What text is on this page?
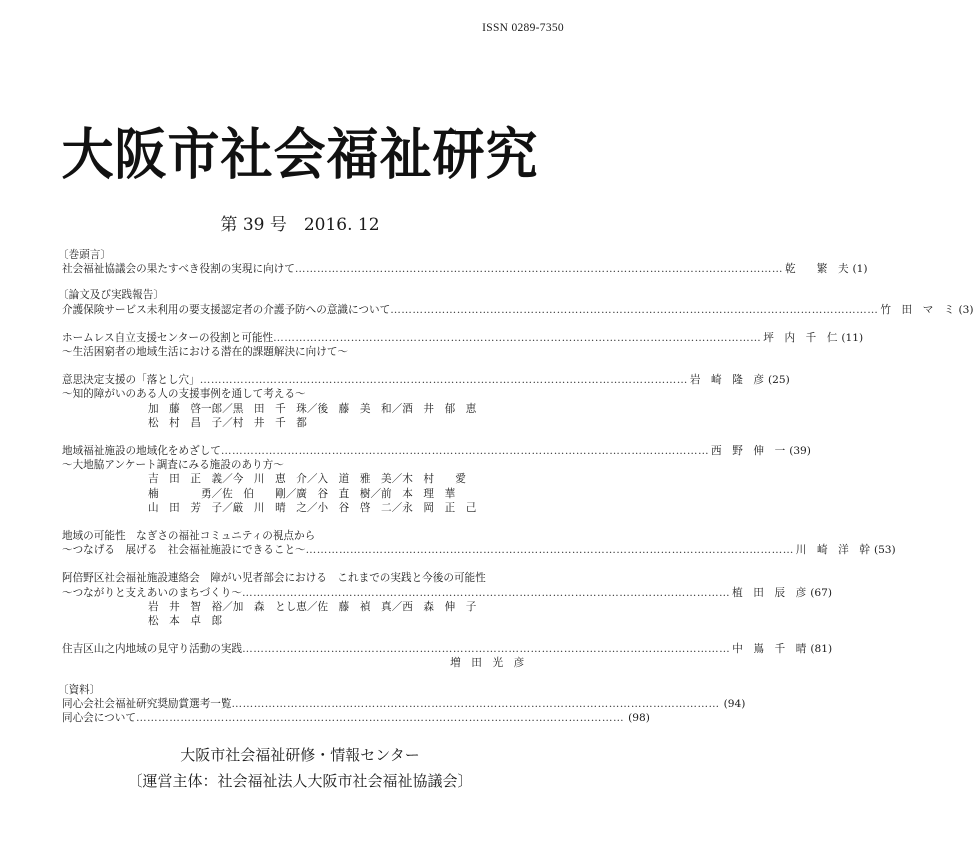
ISSN 0289-7350
大阪市社会福祉研究
第 39 号　2016. 12
〔巻頭言〕
社会福祉協議会の果たすべき役割の実現に向けて …………………………………………………………………………………………………………………… 乾　　繁　夫 (1)
〔論文及び実践報告〕
介護保険サービス未利用の要支援認定者の介護予防への意識について …………………………………………………………………………………………………………………… 竹　田　マ　ミ (3)
ホームレス自立支援センターの役割と可能性 …………………………………………………………………………………………………………………… 坪　内　千　仁 (11)
～生活困窮者の地域生活における潜在的課題解決に向けて～
意思決定支援の「落とし穴」 …………………………………………………………………………………………………………………… 岩　崎　隆　彦 (25)
～知的障がいのある人の支援事例を通して考える～
加　藤　啓一郎／黒　田　千　珠／後　藤　美　和／酒　井　郁　恵
松　村　昌　子／村　井　千　都
地域福祉施設の地域化をめざして …………………………………………………………………………………………………………………… 西　野　伸　一 (39)
～大地脇アンケート調査にみる施設のあり方～
吉　田　正　義／今　川　恵　介／入　道　雅　美／木　村　　愛
楠　　　　勇／佐　伯　　剛／廣　谷　直　樹／前　本　理　華
山　田　芳　子／厳　川　晴　之／小　谷　啓　二／永　岡　正　己
地域の可能性　なぎさの福祉コミュニティの視点から
～つなげる　展げる　社会福祉施設にできること～ …………………………………………………………………………………………………………………… 川　崎　洋　幹 (53)
阿倍野区社会福祉施設連絡会　障がい児者部会における　これまでの実践と今後の可能性
～つながりと支えあいのまちづくり～ …………………………………………………………………………………………………………………… 植　田　辰　彦 (67)
岩　井　智　裕／加　森　とし恵／佐　藤　禎　真／西　森　伸　子
松　本　卓　郎
住吉区山之内地域の見守り活動の実践 …………………………………………………………………………………………………………………… 中　嶌　千　晴 (81)
増　田　光　彦
〔資料〕
同心会社会福祉研究奨励賞選考一覧 …………………………………………………………………………………………………………………… (94)
同心会について …………………………………………………………………………………………………………………… (98)
大阪市社会福祉研修・情報センター
〔運営主体：社会福祉法人大阪市社会福祉協議会〕
